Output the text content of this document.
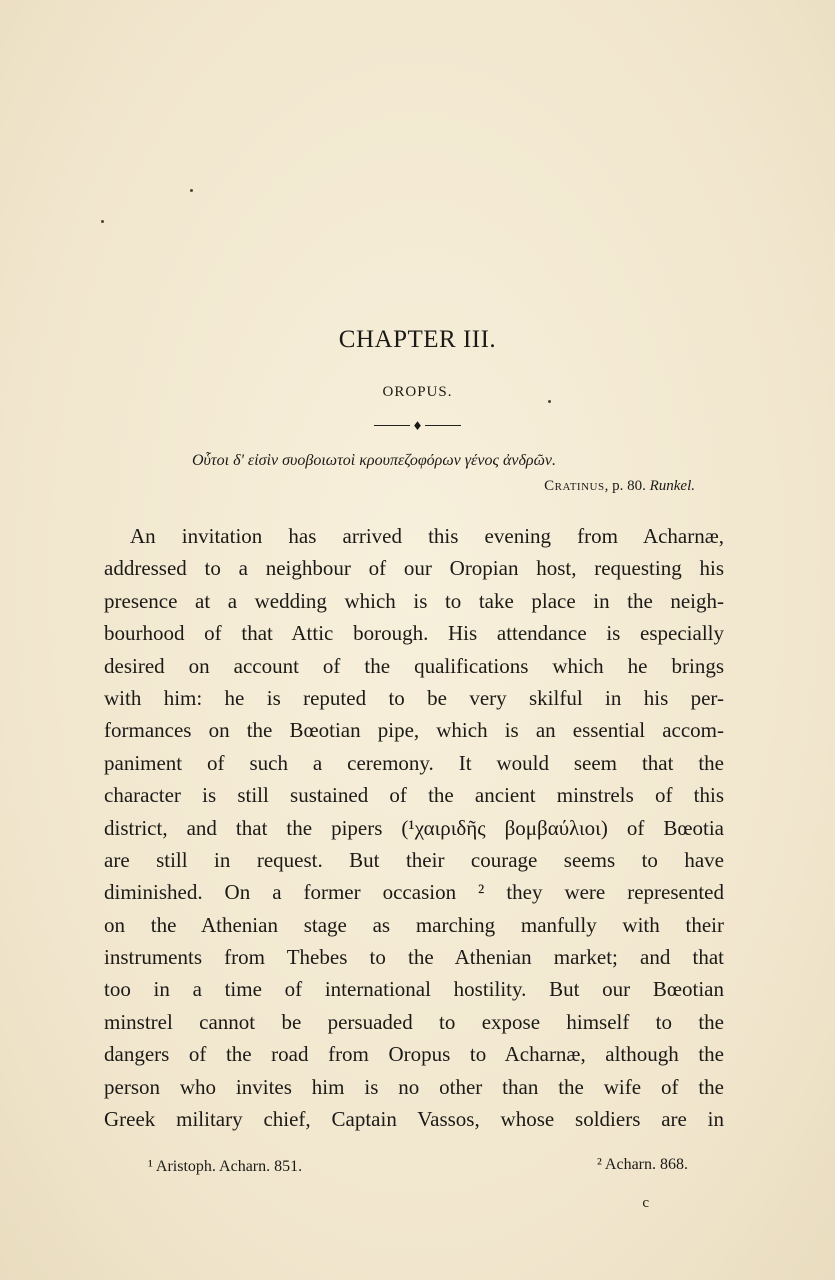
CHAPTER III.
OROPUS.
♦
Οὗτοι δ' εἰσὶν συοβοιωτοὶ κρουπεζοφόρων γένος ἀνδρῶν.
Cratinus, p. 80. Runkel.
An invitation has arrived this evening from Acharnæ,
addressed to a neighbour of our Oropian host, requesting his
presence at a wedding which is to take place in the neigh-
bourhood of that Attic borough. His attendance is especially
desired on account of the qualifications which he brings
with him: he is reputed to be very skilful in his per-
formances on the Bœotian pipe, which is an essential accom-
paniment of such a ceremony. It would seem that the
character is still sustained of the ancient minstrels of this
district, and that the pipers (¹χαιριδῆς βομβαύλιοι) of Bœotia
are still in request. But their courage seems to have
diminished. On a former occasion ² they were represented
on the Athenian stage as marching manfully with their
instruments from Thebes to the Athenian market; and that
too in a time of international hostility. But our Bœotian
minstrel cannot be persuaded to expose himself to the
dangers of the road from Oropus to Acharnæ, although the
person who invites him is no other than the wife of the
Greek military chief, Captain Vassos, whose soldiers are in
¹ Aristoph. Acharn. 851.	² Acharn. 868.
c
